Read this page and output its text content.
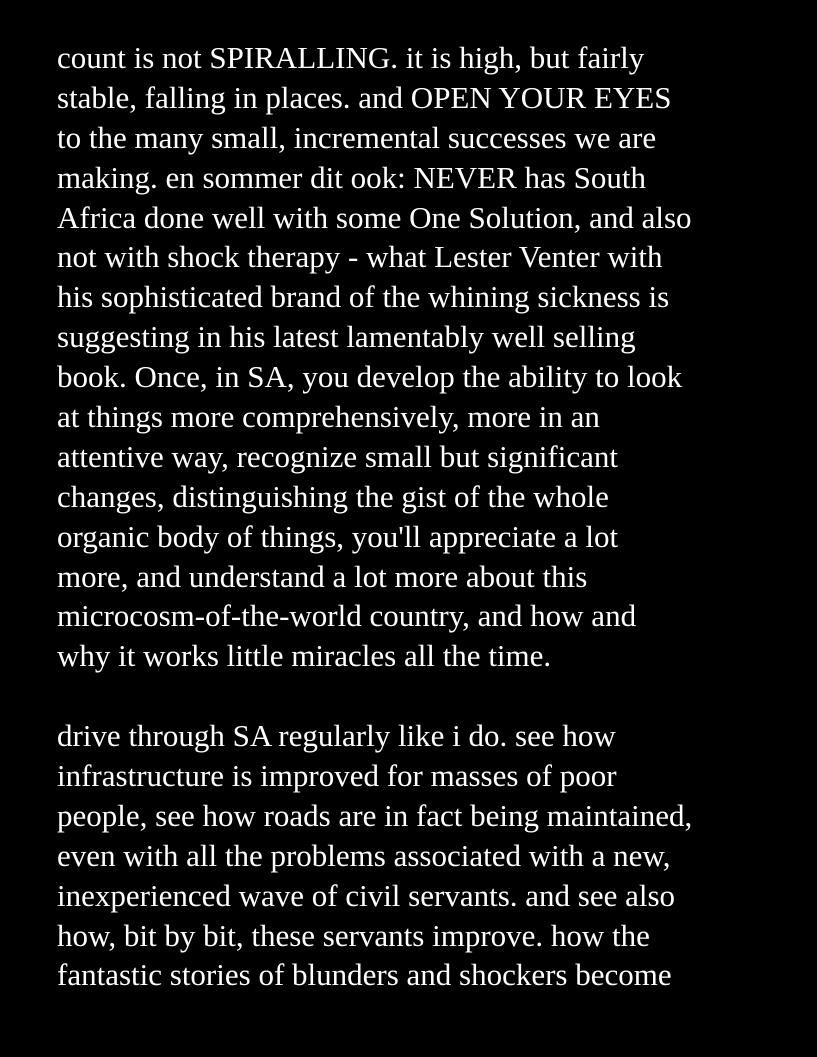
count is not SPIRALLING. it is high, but fairly
stable, falling in places. and OPEN YOUR EYES
to the many small, incremental successes we are
making. en sommer dit ook: NEVER has South
Africa done well with some One Solution, and also
not with shock therapy - what Lester Venter with
his sophisticated brand of the whining sickness is
suggesting in his latest lamentably well selling
book. Once, in SA, you develop the ability to look
at things more comprehensively, more in an
attentive way, recognize small but significant
changes, distinguishing the gist of the whole
organic body of things, you'll appreciate a lot
more, and understand a lot more about this
microcosm-of-the-world country, and how and
why it works little miracles all the time.
drive through SA regularly like i do. see how
infrastructure is improved for masses of poor
people, see how roads are in fact being maintained,
even with all the problems associated with a new,
inexperienced wave of civil servants. and see also
how, bit by bit, these servants improve. how the
fantastic stories of blunders and shockers become
